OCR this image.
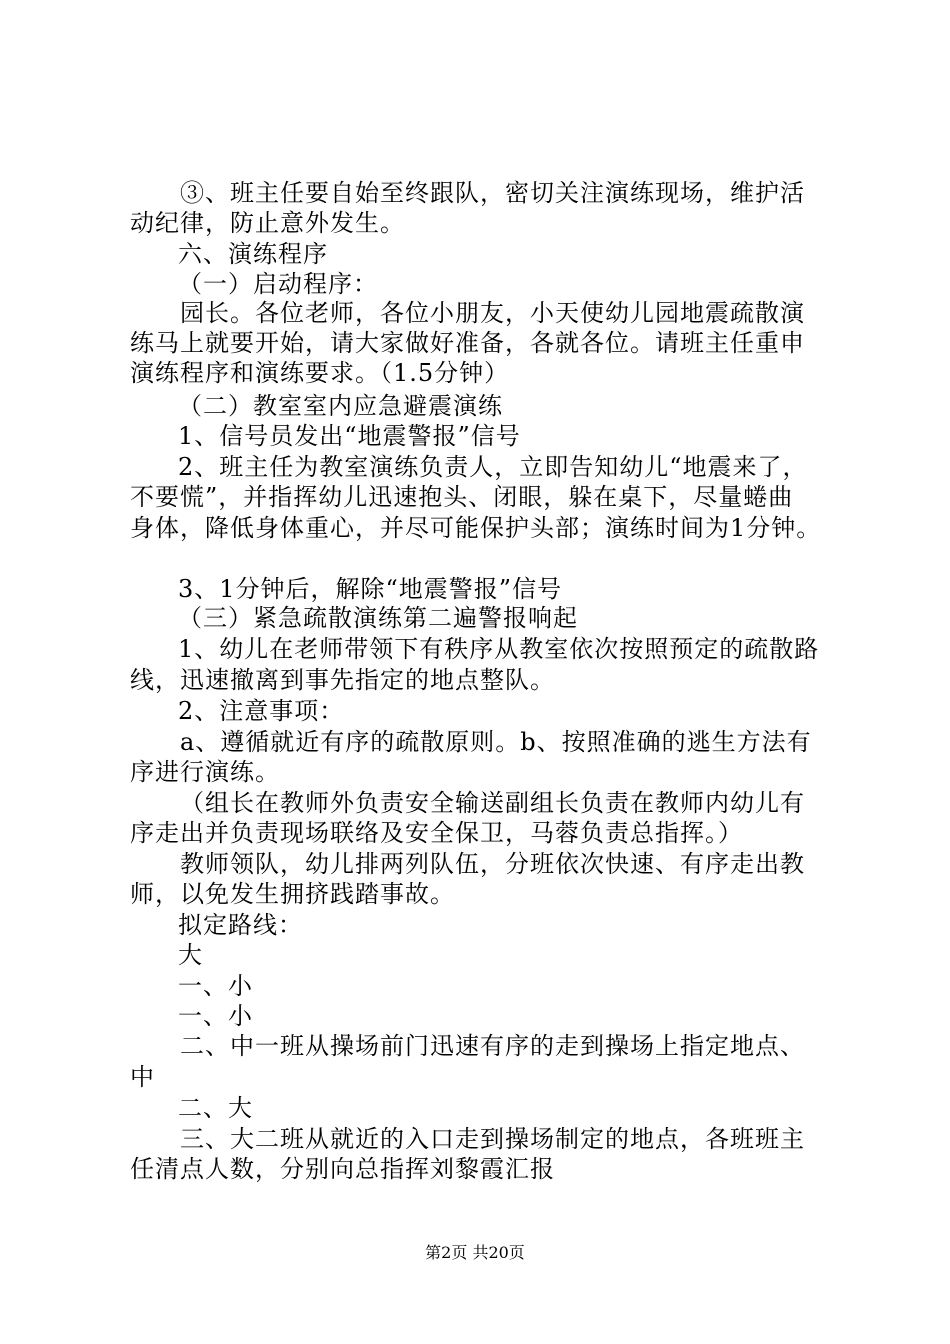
③、班主任要自始至终跟队，密切关注演练现场，维护活
动纪律，防止意外发生。
六、演练程序
（一）启动程序：
园长。各位老师，各位小朋友，小天使幼儿园地震疏散演
练马上就要开始，请大家做好准备，各就各位。请班主任重申
演练程序和演练要求。（1.5分钟）
（二）教室室内应急避震演练
1、信号员发出“地震警报”信号
2、班主任为教室演练负责人，立即告知幼儿“地震来了，
不要慌”，并指挥幼儿迅速抱头、闭眼，躲在桌下，尽量蜷曲
身体，降低身体重心，并尽可能保护头部；演练时间为1分钟。
3、1分钟后，解除“地震警报”信号
（三）紧急疏散演练第二遍警报响起
1、幼儿在老师带领下有秩序从教室依次按照预定的疏散路
线，迅速撤离到事先指定的地点整队。
2、注意事项：
a、遵循就近有序的疏散原则。b、按照准确的逃生方法有
序进行演练。
（组长在教师外负责安全输送副组长负责在教师内幼儿有
序走出并负责现场联络及安全保卫，马蓉负责总指挥。）
教师领队，幼儿排两列队伍，分班依次快速、有序走出教
师，以免发生拥挤践踏事故。
拟定路线：
大
一、小
一、小
二、中一班从操场前门迅速有序的走到操场上指定地点、
中
二、大
三、大二班从就近的入口走到操场制定的地点，各班班主
任清点人数，分别向总指挥刘黎霞汇报
第2页 共20页
